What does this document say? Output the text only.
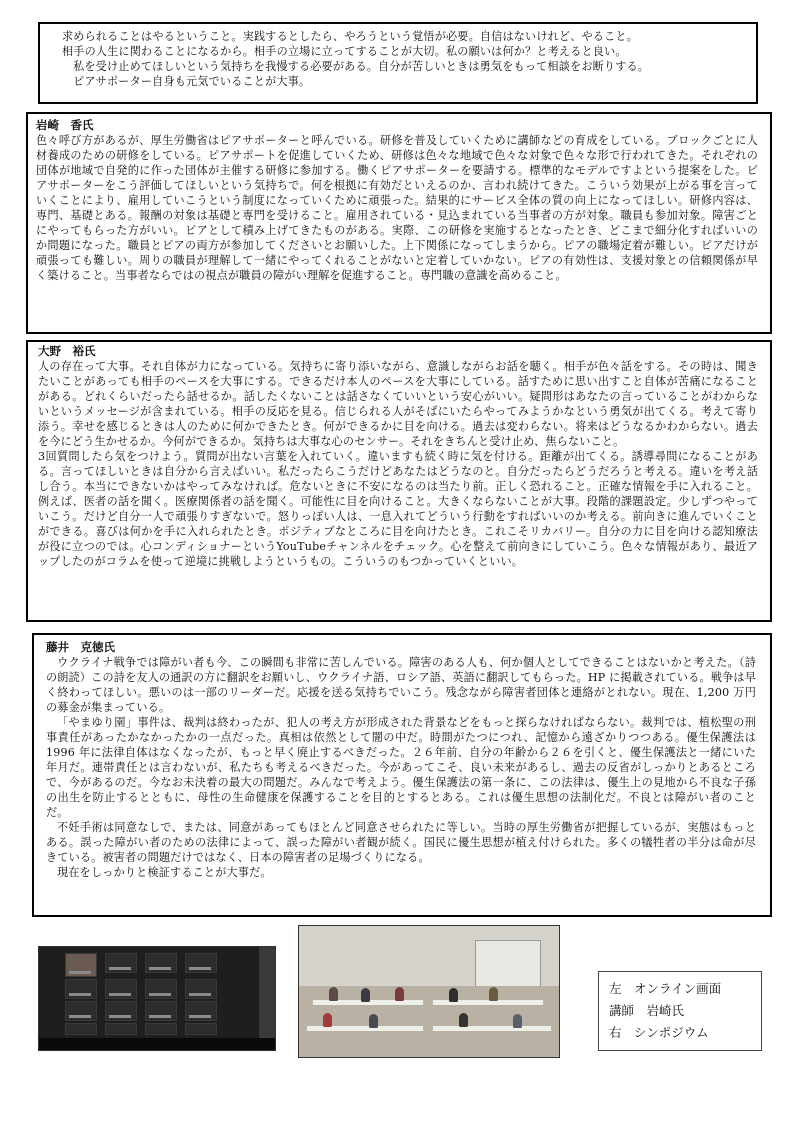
求められることはやるということ。実践するとしたら、やろうという覚悟が必要。自信はないけれど、やること。

相手の人生に関わることになるから。相手の立場に立ってすることが大切。私の願いは何か？と考えると良い。

私を受け止めてほしいという気持ちを我慢する必要がある。自分が苦しいときは勇気をもって相談をお断りする。

ピアサポーター自身も元気でいることが大事。

岩崎　香氏

色々呼び方があるが、厚生労働省はピアサポーターと呼んでいる。研修を普及していくために講師などの育成をしている。ブロックごとに人材養成のための研修をしている。ピアサポートを促進していくため、研修は色々な地域で色々な対象で色々な形で行われてきた。それぞれの団体が地域で自発的に作った団体が主催する研修に参加する。働くピアサポーターを要請する。標準的なモデルですよという提案をした。ピアサポーターをこう評価してほしいという気持ちで。何を根拠に有効だといえるのか、言われ続けてきた。こういう効果が上がる事を言っていくことにより、雇用していこうという制度になっていくために頑張った。結果的にサービス全体の質の向上になってほしい。研修内容は、専門、基礎とある。報酬の対象は基礎と専門を受けること。雇用されている・見込まれている当事者の方が対象。職員も参加対象。障害ごとにやってもらった方がいい。ピアとして積み上げてきたものがある。実際、この研修を実施するとなったとき、どこまで細分化すればいいのか問題になった。職員とピアの両方が参加してくださいとお願いした。上下関係になってしまうから。ピアの職場定着が難しい。ピアだけが頑張っても難しい。周りの職員が理解して一緒にやってくれることがないと定着していかない。ピアの有効性は、支援対象との信頼関係が早く築けること。当事者ならではの視点が職員の障がい理解を促進すること。専門職の意識を高めること。

大野　裕氏

人の存在って大事。それ自体が力になっている。気持ちに寄り添いながら、意識しながらお話を聴く。相手が色々話をする。その時は、聞きたいことがあっても相手のペースを大事にする。できるだけ本人のペースを大事にしている。話すために思い出すこと自体が苦痛になることがある。どれくらいだったら話せるか。話したくないことは話さなくていいという安心がいい。疑問形はあなたの言っていることがわからないというメッセージが含まれている。相手の反応を見る。信じられる人がそばにいたらやってみようかなという勇気が出てくる。考えて寄り添う。幸せを感じるときは人のために何かできたとき。何ができるかに目を向ける。過去は変わらない。将来はどうなるかわからない。過去を今にどう生かせるか。今何ができるか。気持ちは大事な心のセンサー。それをきちんと受け止め、焦らないこと。

3回質問したら気をつけよう。質問が出ない言葉を入れていく。違いますも続く時に気を付ける。距離が出てくる。誘導尋問になることがある。言ってほしいときは自分から言えばいい。私だったらこうだけどあなたはどうなのと。自分だったらどうだろうと考える。違いを考え話し合う。本当にできないかはやってみなければ。危ないときに不安になるのは当たり前。正しく恐れること。正確な情報を手に入れること。例えば、医者の話を聞く。医療関係者の話を聞く。可能性に目を向けること。大きくならないことが大事。段階的課題設定。少しずつやっていこう。だけど自分一人で頑張りすぎないで。怒りっぽい人は、一息入れてどういう行動をすればいいのか考える。前向きに進んでいくことができる。喜びは何かを手に入れられたとき。ポジティブなところに目を向けたとき。これこそリカバリー。自分の力に目を向ける認知療法が役に立つのでは。心コンディショナーというYouTubeチャンネルをチェック。心を整えて前向きにしていこう。色々な情報があり、最近アップしたのがコラムを使って逆境に挑戦しようというもの。こういうのもつかっていくといい。

藤井　克徳氏

ウクライナ戦争では障がい者も今、この瞬間も非常に苦しんでいる。障害のある人も、何か個人としてできることはないかと考えた。（詩の朗読）この詩を友人の通訳の方に翻訳をお願いし、ウクライナ語、ロシア語、英語に翻訳してもらった。HP に掲載されている。戦争は早く終わってほしい。悪いのは一部のリーダーだ。応援を送る気持ちでいこう。残念ながら障害者団体と連絡がとれない。現在、1,200 万円の募金が集まっている。

「やまゆり園」事件は、裁判は終わったが、犯人の考え方が形成された背景などをもっと探らなければならない。裁判では、植松聖の刑事責任があったかなかったかの一点だった。真相は依然として闇の中だ。時間がたつにつれ、記憶から遠ざかりつつある。優生保護法は 1996 年に法律自体はなくなったが、もっと早く廃止するべきだった。２６年前、自分の年齢から２６を引くと、優生保護法と一緒にいた年月だ。連帯責任とは言わないが、私たちも考えるべきだった。今があってこそ、良い未来があるし、過去の反省がしっかりとあるところで、今があるのだ。今なお未決着の最大の問題だ。みんなで考えよう。優生保護法の第一条に、この法律は、優生上の見地から不良な子孫の出生を防止するとともに、母性の生命健康を保護することを目的とするとある。これは優生思想の法制化だ。不良とは障がい者のことだ。

不妊手術は同意なしで、または、同意があってもほとんど同意させられたに等しい。当時の厚生労働省が把握しているが、実態はもっとある。誤った障がい者のための法律によって、誤った障がい者観が続く。国民に優生思想が植え付けられた。多くの犠牲者の半分は命が尽きている。被害者の問題だけではなく、日本の障害者の足場づくりになる。

現在をしっかりと検証することが大事だ。

左　オンライン画面
講師　岩崎氏
右　シンポジウム
